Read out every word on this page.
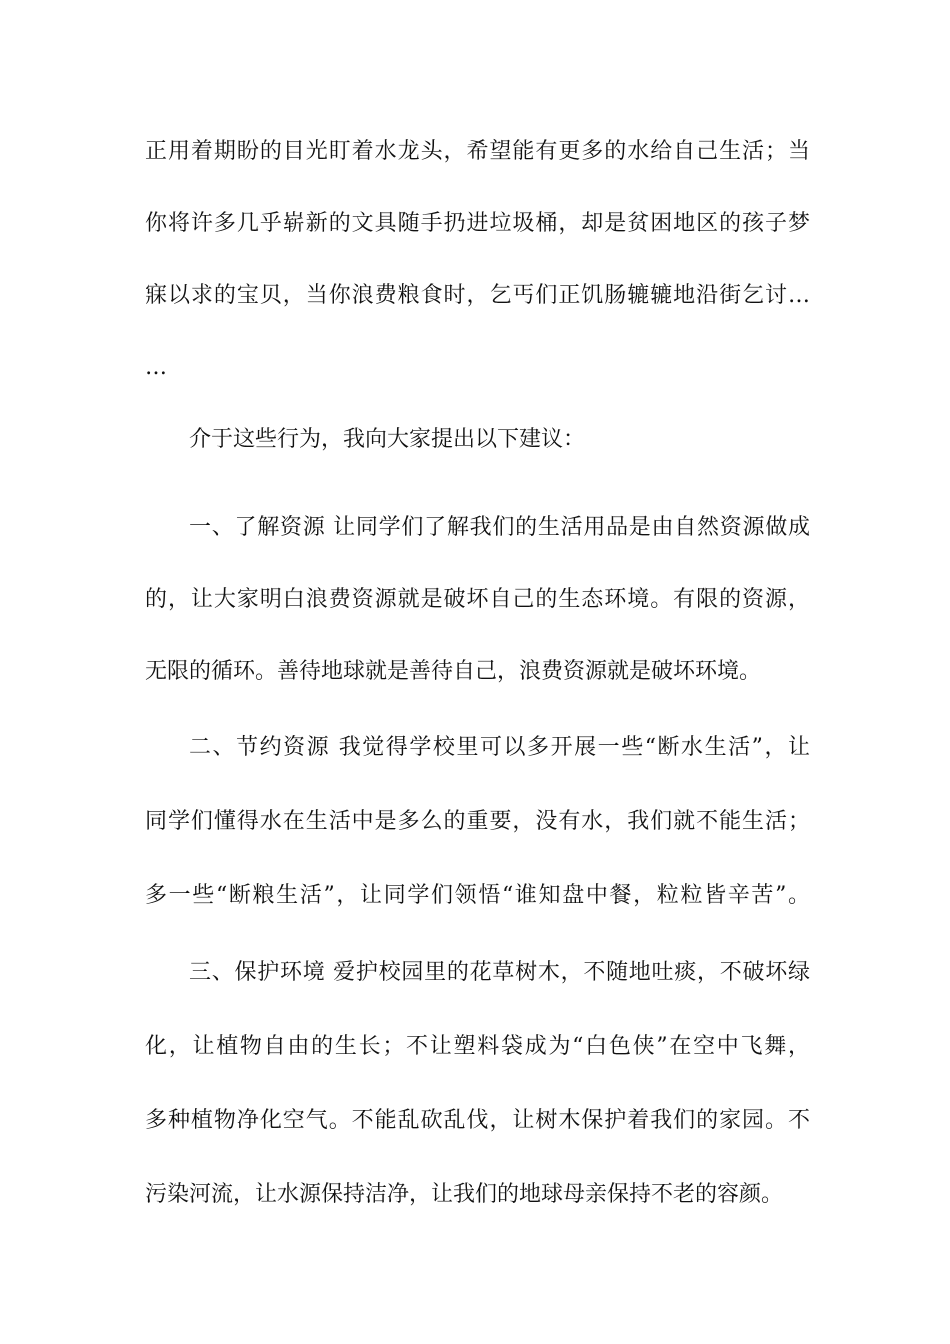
正用着期盼的目光盯着水龙头，希望能有更多的水给自己生活；当
你将许多几乎崭新的文具随手扔进垃圾桶，却是贫困地区的孩子梦
寐以求的宝贝，当你浪费粮食时，乞丐们正饥肠辘辘地沿街乞讨…
…
介于这些行为，我向大家提出以下建议：
一、了解资源 让同学们了解我们的生活用品是由自然资源做成
的，让大家明白浪费资源就是破坏自己的生态环境。有限的资源，
无限的循环。善待地球就是善待自己，浪费资源就是破坏环境。
二、节约资源 我觉得学校里可以多开展一些“断水生活”，让
同学们懂得水在生活中是多么的重要，没有水，我们就不能生活；
多一些“断粮生活”，让同学们领悟“谁知盘中餐，粒粒皆辛苦”。
三、保护环境 爱护校园里的花草树木，不随地吐痰，不破坏绿
化，让植物自由的生长；不让塑料袋成为“白色侠”在空中飞舞，
多种植物净化空气。不能乱砍乱伐，让树木保护着我们的家园。不
污染河流，让水源保持洁净，让我们的地球母亲保持不老的容颜。
